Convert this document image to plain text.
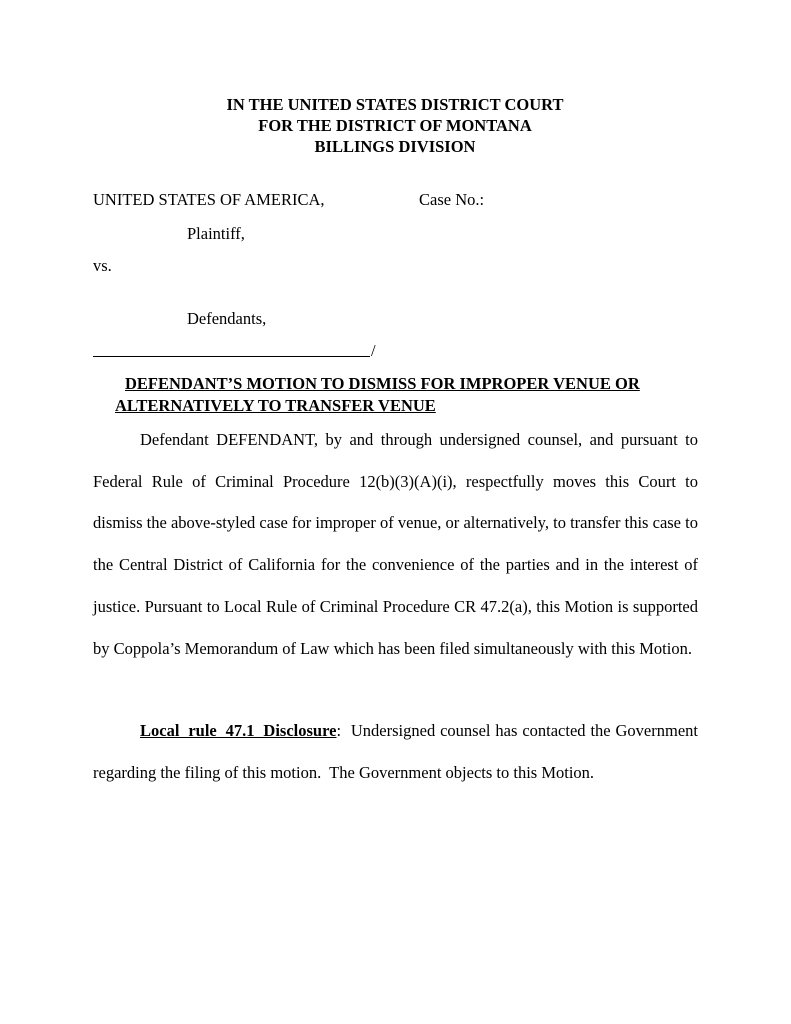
IN THE UNITED STATES DISTRICT COURT
FOR THE DISTRICT OF MONTANA
BILLINGS DIVISION
UNITED STATES OF AMERICA,	Case No.:
Plaintiff,
vs.
Defendants,
/
DEFENDANT’S MOTION TO DISMISS FOR IMPROPER VENUE OR
ALTERNATIVELY TO TRANSFER VENUE

Defendant DEFENDANT, by and through undersigned counsel, and pursuant to Federal Rule of Criminal Procedure 12(b)(3)(A)(i), respectfully moves this Court to dismiss the above-styled case for improper of venue, or alternatively, to transfer this case to the Central District of California for the convenience of the parties and in the interest of justice. Pursuant to Local Rule of Criminal Procedure CR 47.2(a), this Motion is supported by Coppola’s Memorandum of Law which has been filed simultaneously with this Motion.

Local rule 47.1 Disclosure:  Undersigned counsel has contacted the Government regarding the filing of this motion.  The Government objects to this Motion.
